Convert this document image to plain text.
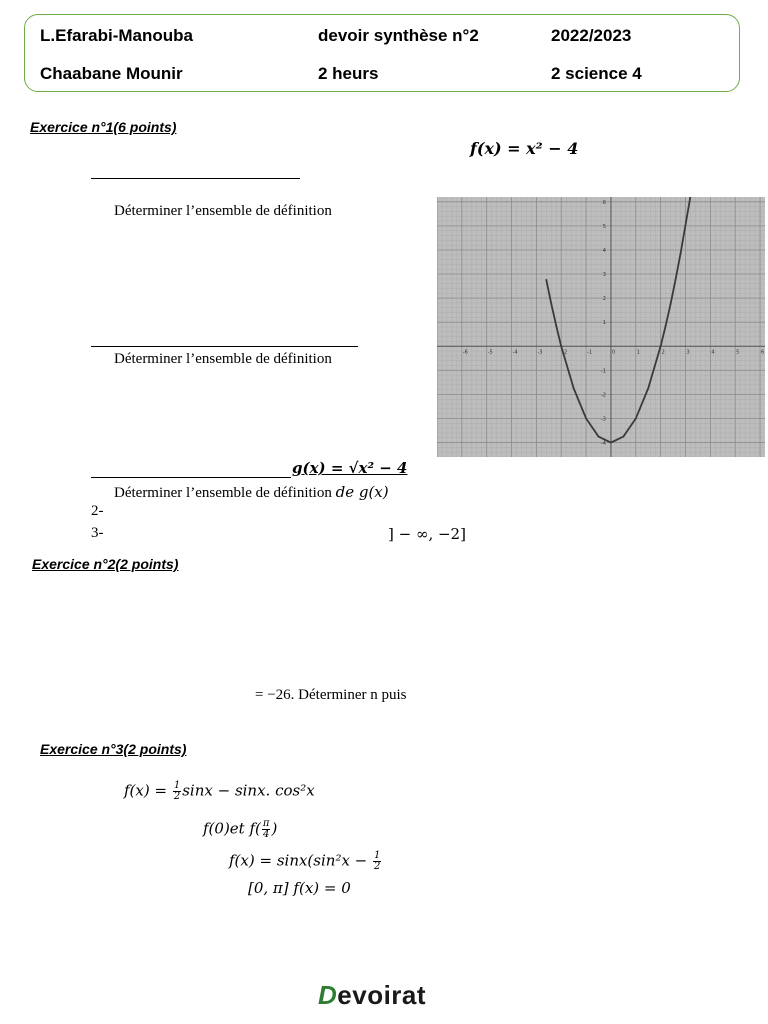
L.Efarabi-Manouba	devoir synthèse n°2	2022/2023
Chaabane Mounir	2 heurs	2 science 4
Exercice n°1(6 points)
f(x) = x² − 4
Déterminer l’ensemble de définition
Déterminer l’ensemble de définition
g(x) = √x² − 4
Déterminer l’ensemble de définition de g(x)
2-
3-	] − ∞, −2]
-6	-5	-4	-3	-2	-1	0	1	2	3	4	5	6
6
5
4
3
2
1
-1
-2
-3
-4
Exercice n°2(2 points)
= −26. Déterminer n puis
Exercice n°3(2 points)
$f(x) = \frac{1}{2}$ sinx − sinx. cos²x
f(0)et $f( \frac{\pi}{4}$ )
$f(x) = \sin x(\sin^2x - \frac{1}{2}$
[0, π] f(x) = 0
Devoirat
